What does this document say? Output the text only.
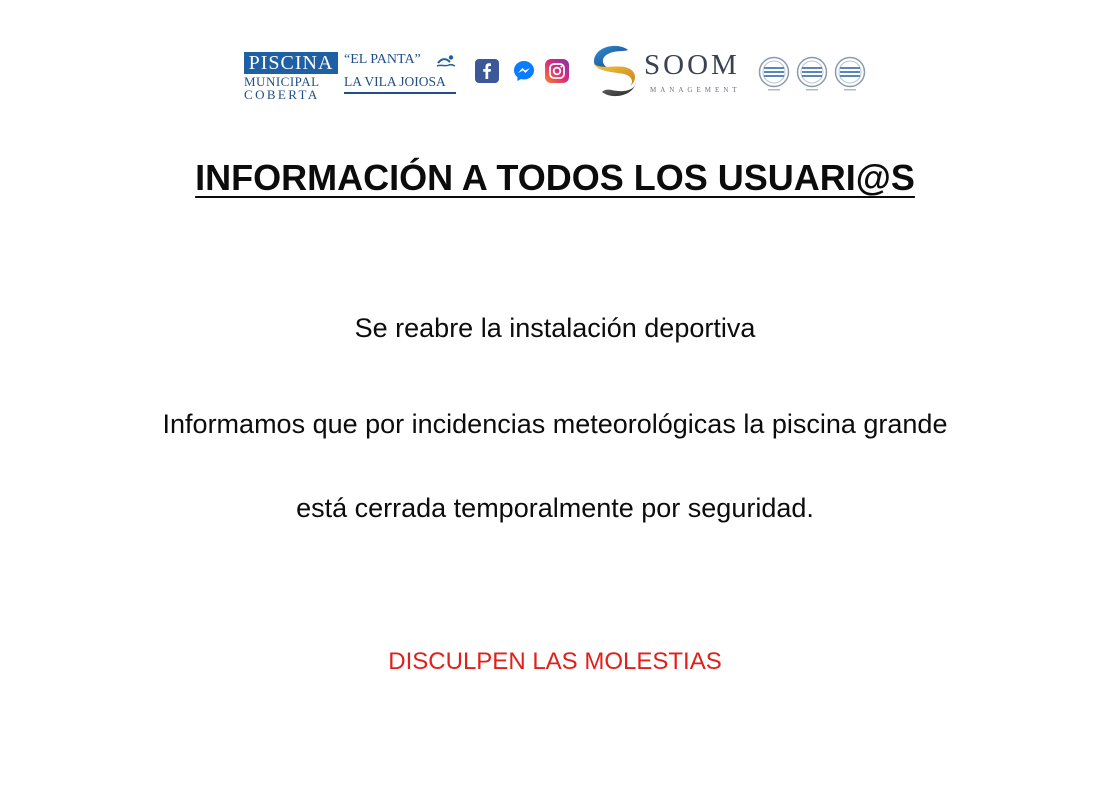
PISCINA
MUNICIPAL
COBERTA
“EL PANTA”
LA VILA JOIOSA
SOOM
MANAGEMENT
INFORMACIÓN A TODOS LOS USUARI@S
Se reabre la instalación deportiva
Informamos que por incidencias meteorológicas la piscina grande
está cerrada temporalmente por seguridad.
DISCULPEN LAS MOLESTIAS
